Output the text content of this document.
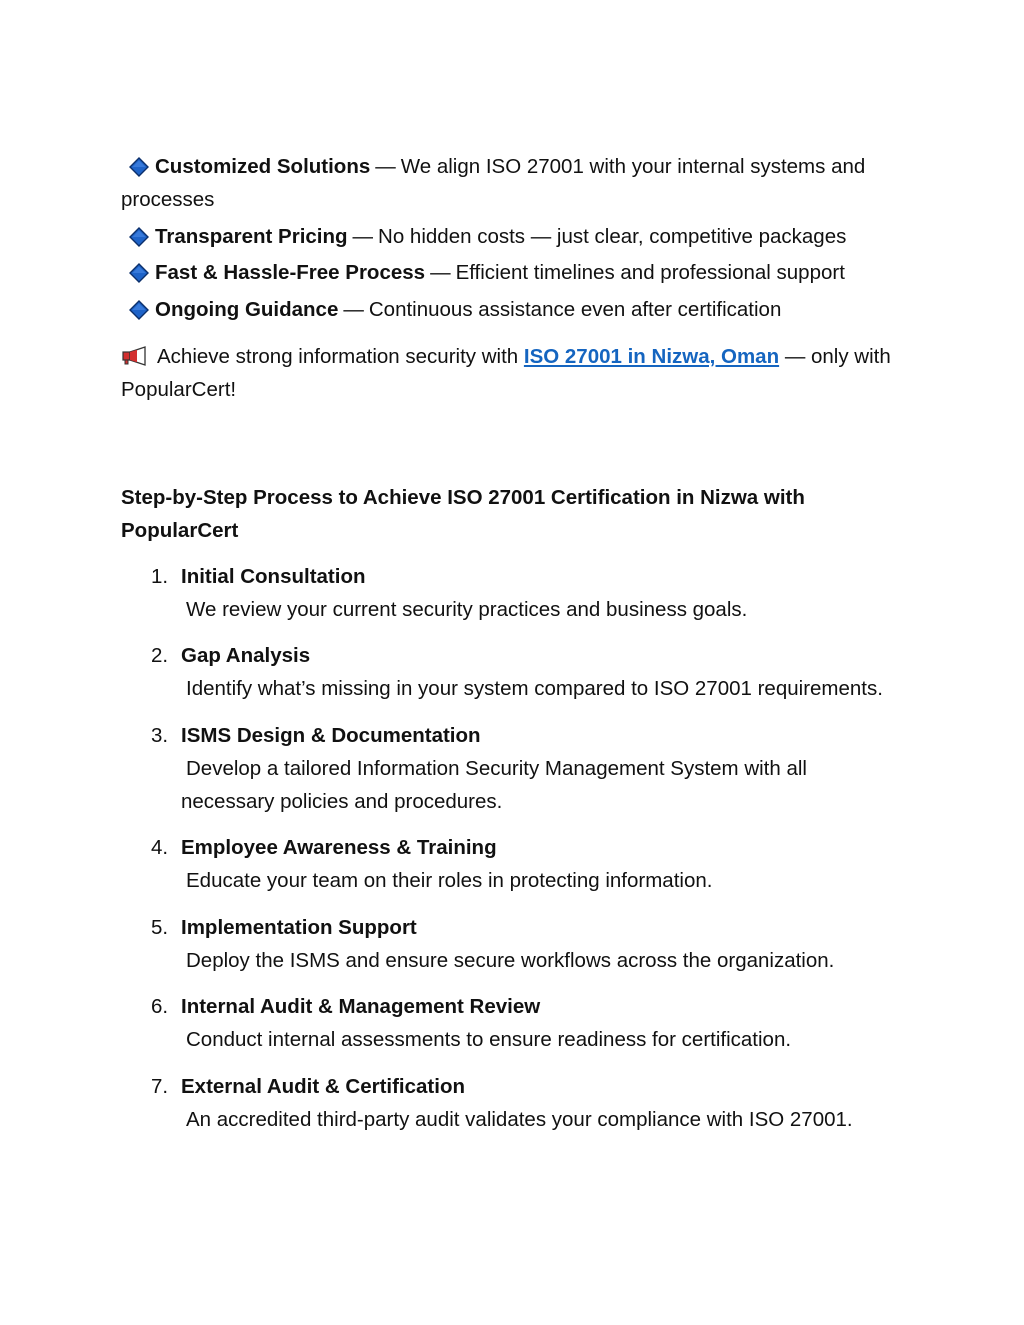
Customized Solutions — We align ISO 27001 with your internal systems and processes
Transparent Pricing — No hidden costs — just clear, competitive packages
Fast & Hassle-Free Process — Efficient timelines and professional support
Ongoing Guidance — Continuous assistance even after certification
Achieve strong information security with ISO 27001 in Nizwa, Oman — only with PopularCert!
Step-by-Step Process to Achieve ISO 27001 Certification in Nizwa with PopularCert
1. Initial Consultation
We review your current security practices and business goals.
2. Gap Analysis
Identify what’s missing in your system compared to ISO 27001 requirements.
3. ISMS Design & Documentation
Develop a tailored Information Security Management System with all necessary policies and procedures.
4. Employee Awareness & Training
Educate your team on their roles in protecting information.
5. Implementation Support
Deploy the ISMS and ensure secure workflows across the organization.
6. Internal Audit & Management Review
Conduct internal assessments to ensure readiness for certification.
7. External Audit & Certification
An accredited third-party audit validates your compliance with ISO 27001.
